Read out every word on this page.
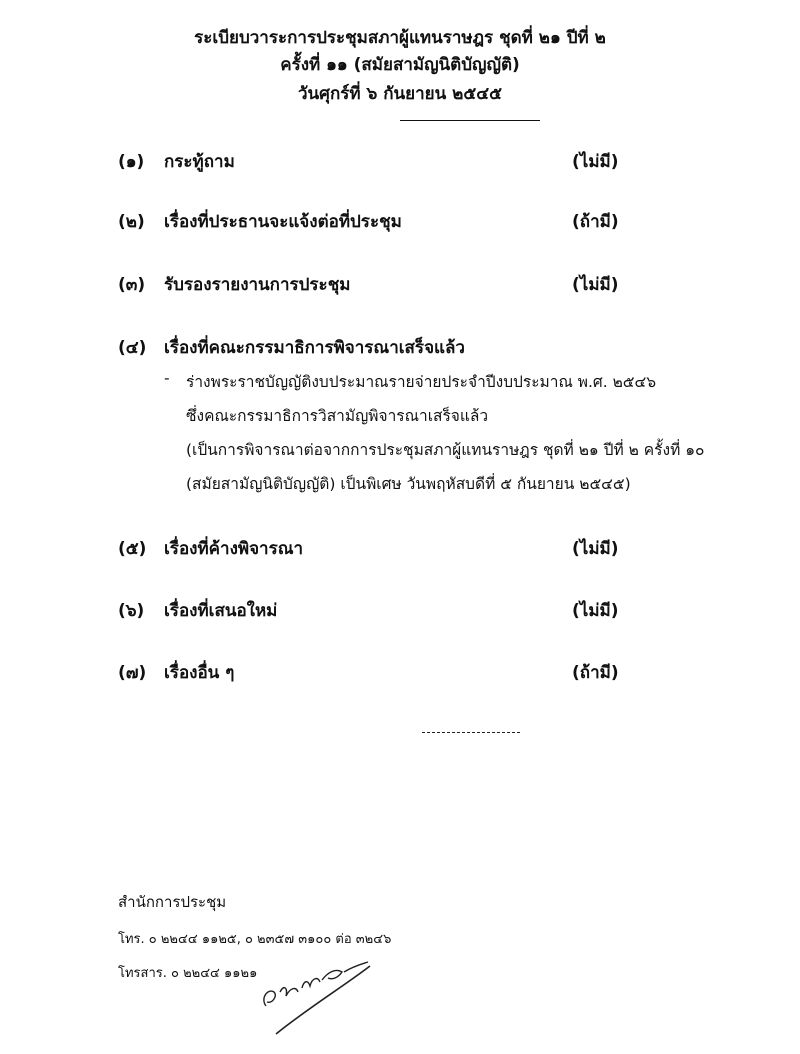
ระเบียบวาระการประชุมสภาผู้แทนราษฎร ชุดที่ ๒๑ ปีที่ ๒
ครั้งที่ ๑๑ (สมัยสามัญนิติบัญญัติ)
วันศุกร์ที่ ๖ กันยายน ๒๕๔๕
(๑) กระทู้ถาม	(ไม่มี)
(๒) เรื่องที่ประธานจะแจ้งต่อที่ประชุม	(ถ้ามี)
(๓) รับรองรายงานการประชุม	(ไม่มี)
(๔) เรื่องที่คณะกรรมาธิการพิจารณาเสร็จแล้ว
- ร่างพระราชบัญญัติงบประมาณรายจ่ายประจำปีงบประมาณ พ.ศ. ๒๕๔๖
ซึ่งคณะกรรมาธิการวิสามัญพิจารณาเสร็จแล้ว
(เป็นการพิจารณาต่อจากการประชุมสภาผู้แทนราษฎร ชุดที่ ๒๑ ปีที่ ๒ ครั้งที่ ๑๐
(สมัยสามัญนิติบัญญัติ) เป็นพิเศษ วันพฤหัสบดีที่ ๕ กันยายน ๒๕๔๕)
(๕) เรื่องที่ค้างพิจารณา	(ไม่มี)
(๖) เรื่องที่เสนอใหม่	(ไม่มี)
(๗) เรื่องอื่น ๆ	(ถ้ามี)
สำนักการประชุม
โทร. ๐ ๒๒๔๔ ๑๑๒๕, ๐ ๒๓๕๗ ๓๑๐๐ ต่อ ๓๒๔๖
โทรสาร. ๐ ๒๒๔๔ ๑๑๒๑
